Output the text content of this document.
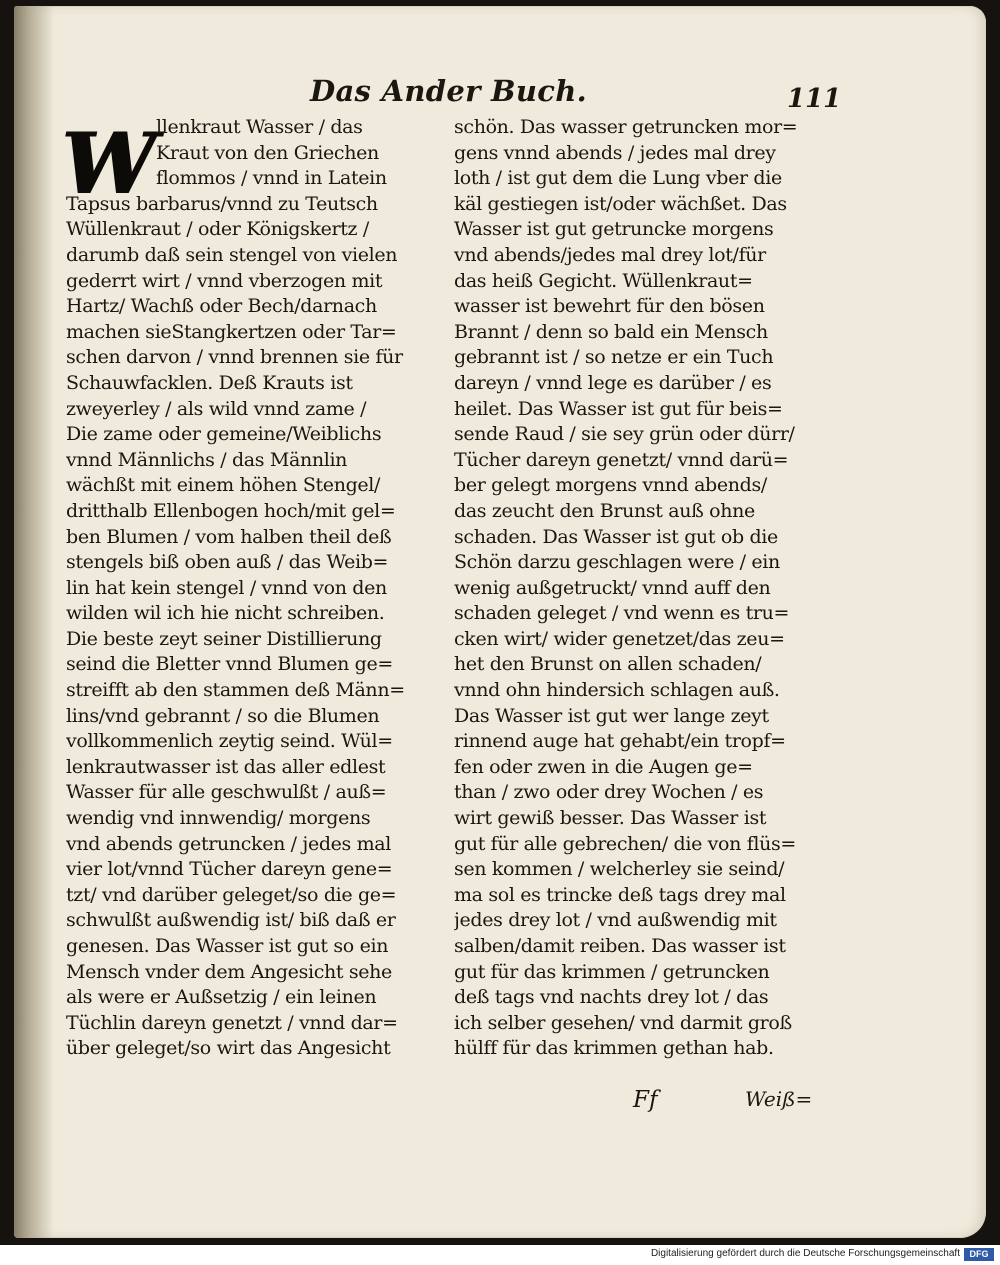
Das Ander Buch.	111
W llenkraut Wasser / das
Kraut von den Griechen
flommos / vnnd in Latein
Tapsus barbarus/vnnd zu Teutsch
Wüllenkraut / oder Königskertz /
darumb daß sein stengel von vielen
gederrt wirt / vnnd vberzogen mit
Hartz/ Wachß oder Bech/darnach
machen sieStangkertzen oder Tar=
schen darvon / vnnd brennen sie für
Schauwfacklen. Deß Krauts ist
zweyerley / als wild vnnd zame /
Die zame oder gemeine/Weiblichs
vnnd Männlichs / das Männlin
wächßt mit einem höhen Stengel/
dritthalb Ellenbogen hoch/mit gel=
ben Blumen / vom halben theil deß
stengels biß oben auß / das Weib=
lin hat kein stengel / vnnd von den
wilden wil ich hie nicht schreiben.
Die beste zeyt seiner Distillierung
seind die Bletter vnnd Blumen ge=
streifft ab den stammen deß Männ=
lins/vnd gebrannt / so die Blumen
vollkommenlich zeytig seind. Wül=
lenkrautwasser ist das aller edlest
Wasser für alle geschwulßt / auß=
wendig vnd innwendig/ morgens
vnd abends getruncken / jedes mal
vier lot/vnnd Tücher dareyn gene=
tzt/ vnd darüber geleget/so die ge=
schwulßt außwendig ist/ biß daß er
genesen. Das Wasser ist gut so ein
Mensch vnder dem Angesicht sehe
als were er Außsetzig / ein leinen
Tüchlin dareyn genetzt / vnnd dar=
über geleget/so wirt das Angesicht
schön. Das wasser getruncken mor=
gens vnnd abends / jedes mal drey
loth / ist gut dem die Lung vber die
käl gestiegen ist/oder wächßet. Das
Wasser ist gut getruncke morgens
vnd abends/jedes mal drey lot/für
das heiß Gegicht. Wüllenkraut=
wasser ist bewehrt für den bösen
Brannt / denn so bald ein Mensch
gebrannt ist / so netze er ein Tuch
dareyn / vnnd lege es darüber / es
heilet. Das Wasser ist gut für beis=
sende Raud / sie sey grün oder dürr/
Tücher dareyn genetzt/ vnnd darü=
ber gelegt morgens vnnd abends/
das zeucht den Brunst auß ohne
schaden. Das Wasser ist gut ob die
Schön darzu geschlagen were / ein
wenig außgetruckt/ vnnd auff den
schaden geleget / vnd wenn es tru=
cken wirt/ wider genetzet/das zeu=
het den Brunst on allen schaden/
vnnd ohn hindersich schlagen auß.
Das Wasser ist gut wer lange zeyt
rinnend auge hat gehabt/ein tropf=
fen oder zwen in die Augen ge=
than / zwo oder drey Wochen / es
wirt gewiß besser. Das Wasser ist
gut für alle gebrechen/ die von flüs=
sen kommen / welcherley sie seind/
ma sol es trincke deß tags drey mal
jedes drey lot / vnd außwendig mit
salben/damit reiben. Das wasser ist
gut für das krimmen / getruncken
deß tags vnd nachts drey lot / das
ich selber gesehen/ vnd darmit groß
hülff für das krimmen gethan hab.
Ff	Weiß=
Digitalisierung gefördert durch die Deutsche Forschungsgemeinschaft	DFG
